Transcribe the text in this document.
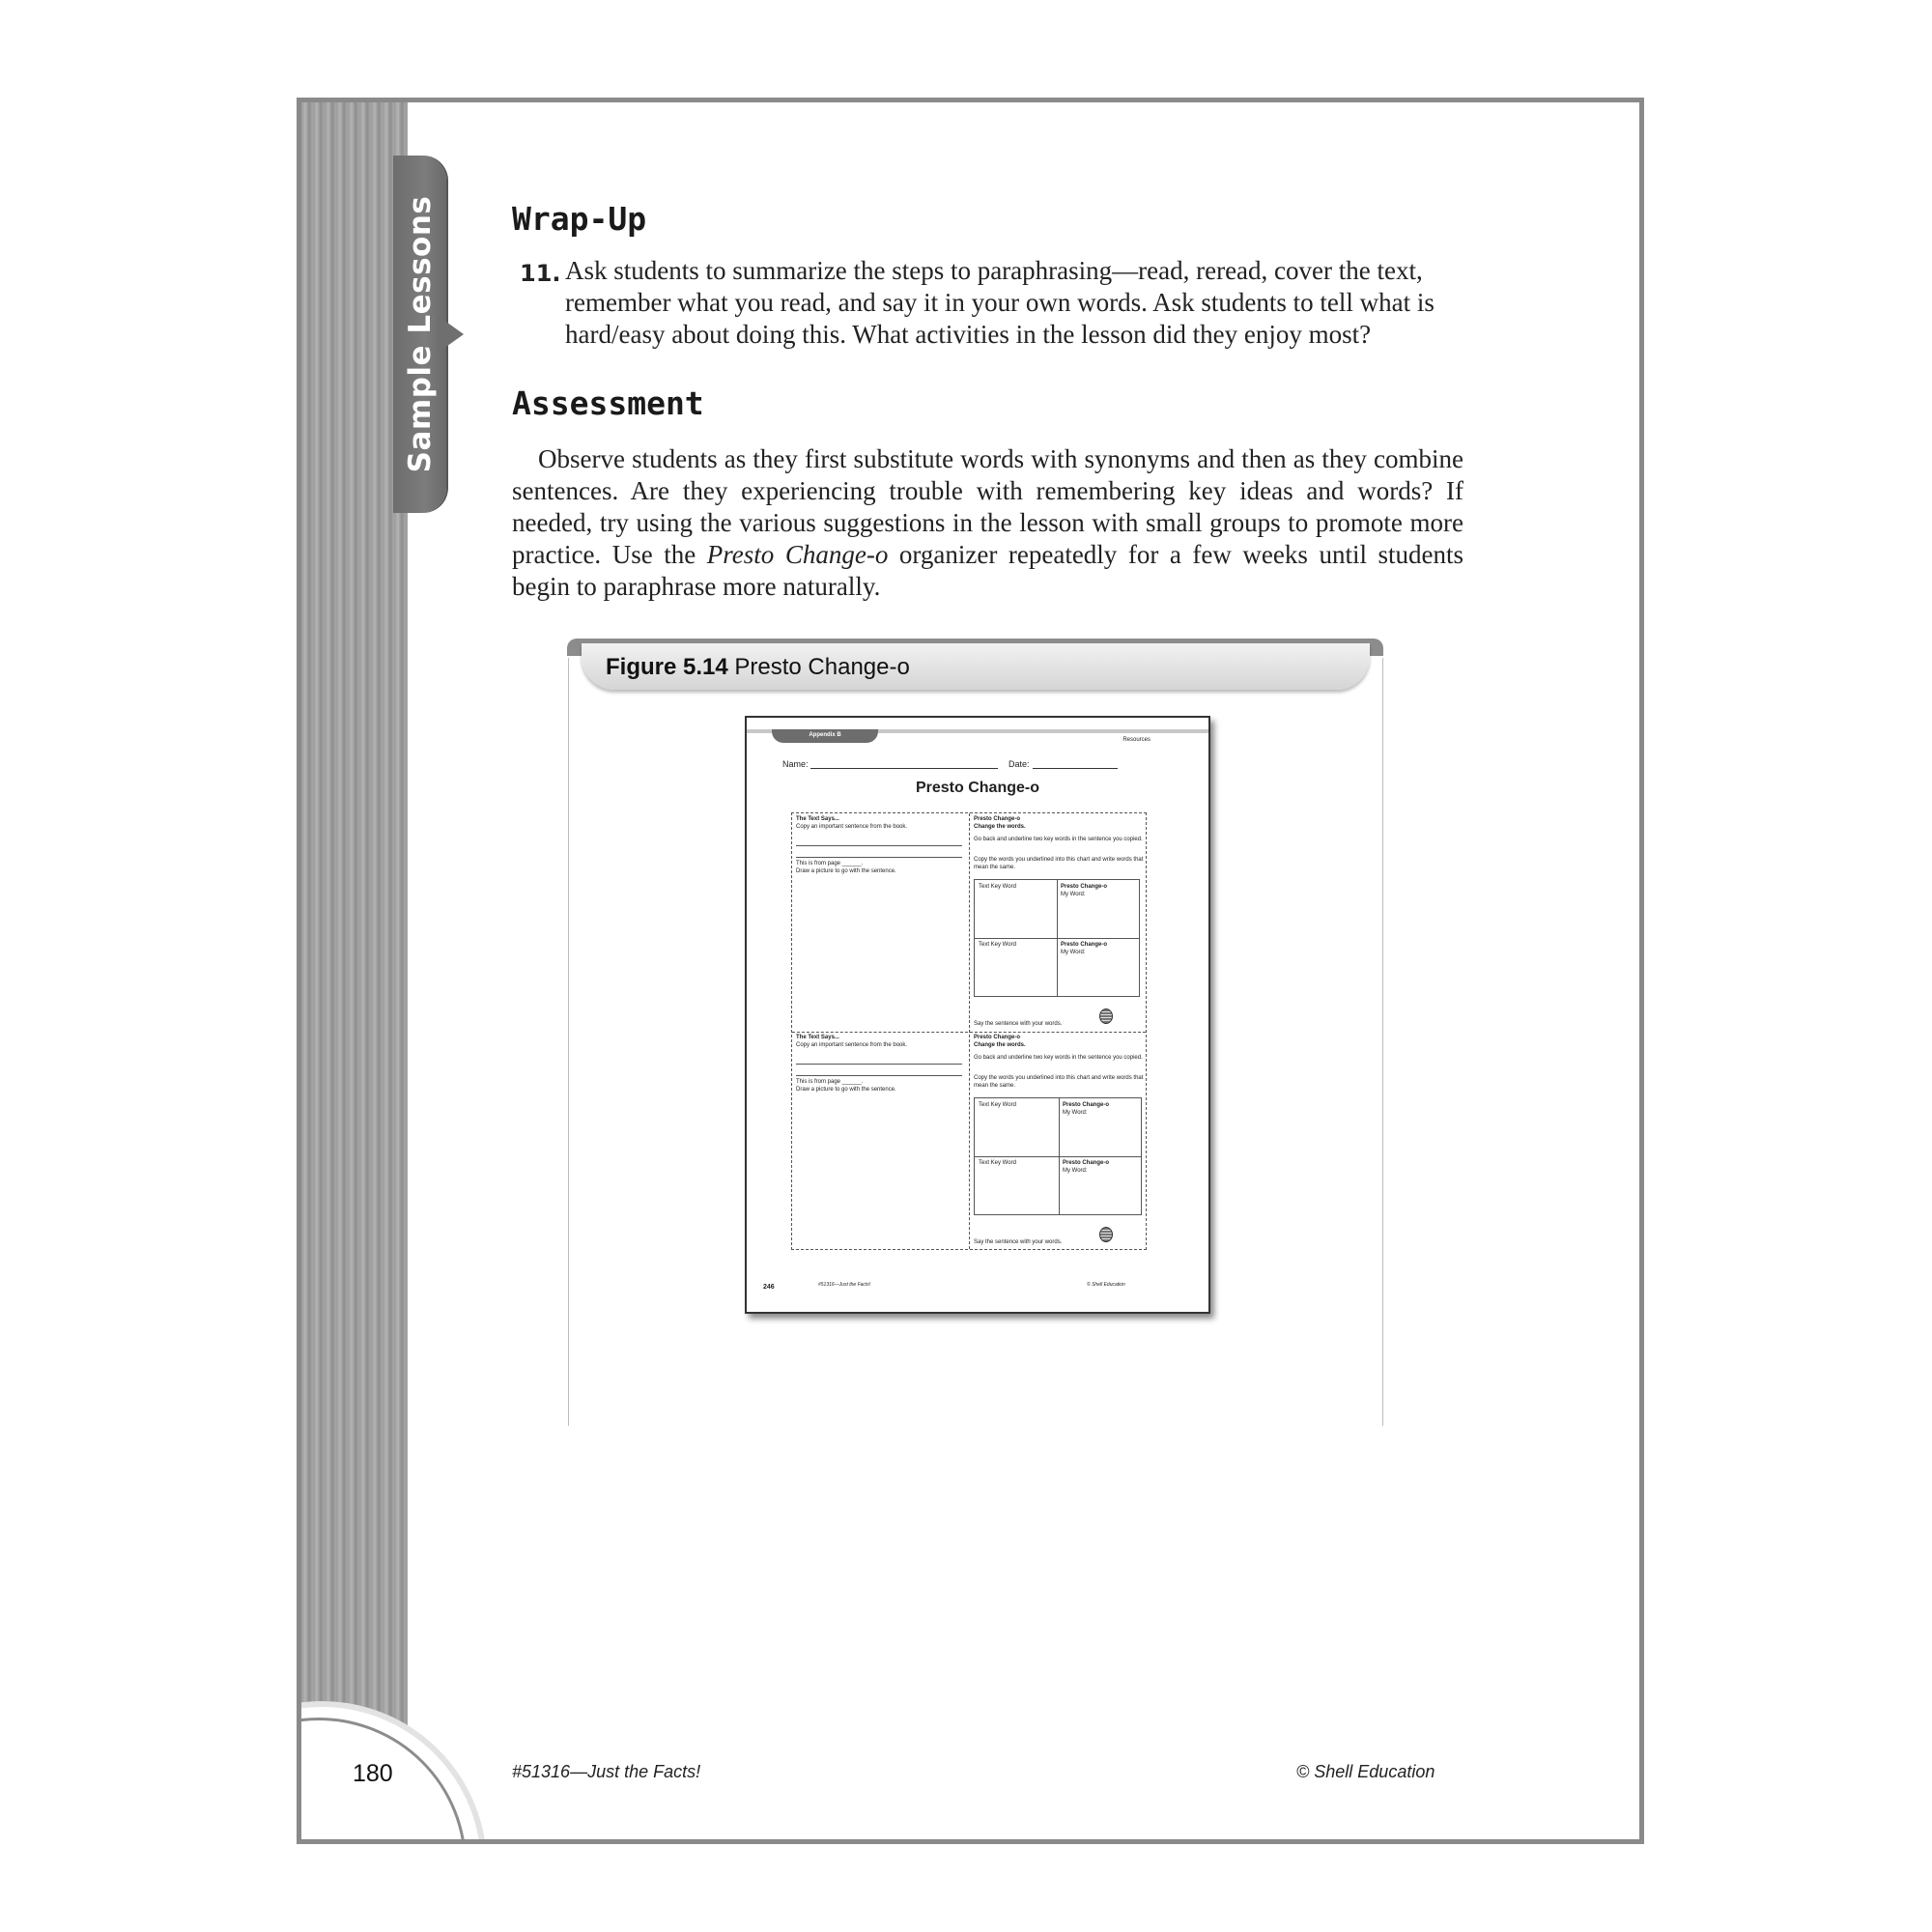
Sample Lessons
180
Wrap-Up
11. Ask students to summarize the steps to paraphrasing—read, reread, cover the text, remember what you read, and say it in your own words. Ask students to tell what is hard/easy about doing this. What activities in the lesson did they enjoy most?
Assessment
Observe students as they first substitute words with synonyms and then as they combine sentences. Are they experiencing trouble with remembering key ideas and words? If needed, try using the various suggestions in the lesson with small groups to promote more practice. Use the Presto Change-o organizer repeatedly for a few weeks until students begin to paraphrase more naturally.
Figure 5.14 Presto Change-o
Appendix B
Resources
Name:	Date:
Presto Change-o
The Text Says...
Copy an important sentence from the book.
This is from page ______.
Draw a picture to go with the sentence.
Presto Change-o
Change the words.
Go back and underline two key words in the sentence you copied.
Copy the words you underlined into this chart and write words that mean the same.
Text Key Word	Presto Change-o
My Word:
Text Key Word	Presto Change-o
My Word:
Say the sentence with your words.
The Text Says...
Copy an important sentence from the book.
This is from page ______.
Draw a picture to go with the sentence.
Presto Change-o
Change the words.
Go back and underline two key words in the sentence you copied.
Copy the words you underlined into this chart and write words that mean the same.
Text Key Word	Presto Change-o
My Word:
Text Key Word	Presto Change-o
My Word:
Say the sentence with your words.
246	#51316—Just the Facts!	© Shell Education
#51316—Just the Facts!	© Shell Education
